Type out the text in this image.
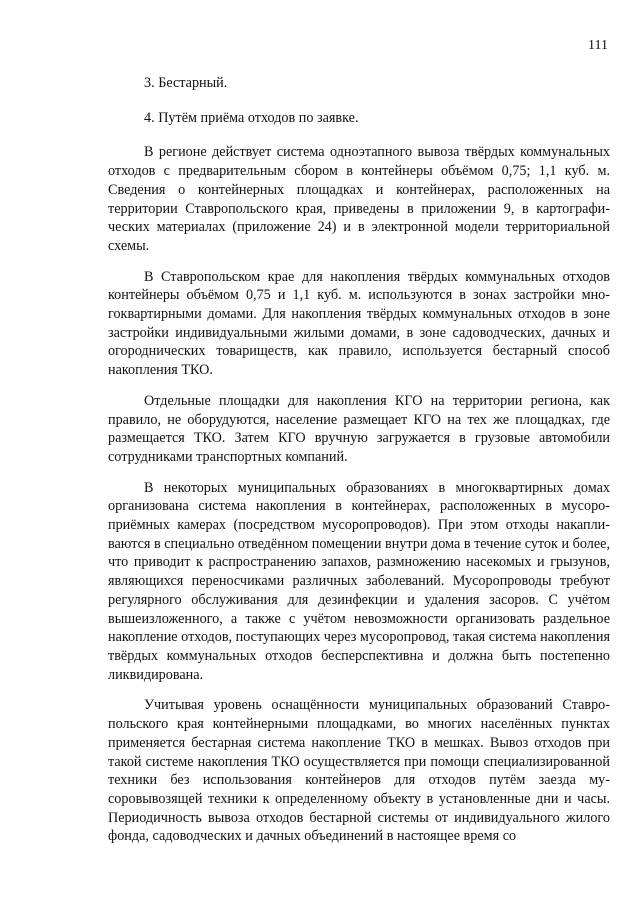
111

3. Бестарный.

4. Путём приёма отходов по заявке.

В регионе действует система одноэтапного вывоза твёрдых коммунальных отходов с предварительным сбором в контейнеры объёмом 0,75; 1,1 куб. м. Сведения о контейнерных площадках и контейнерах, расположенных на территории Ставропольского края, приведены в приложении 9, в картографических материалах (приложение 24) и в электронной модели территориальной схемы.

В Ставропольском крае для накопления твёрдых коммунальных отходов контейнеры объёмом 0,75 и 1,1 куб. м. используются в зонах застройки многоквартирными домами. Для накопления твёрдых коммунальных отходов в зоне застройки индивидуальными жилыми домами, в зоне садоводческих, дачных и огороднических товариществ, как правило, используется бестарный способ накопления ТКО.

Отдельные площадки для накопления КГО на территории региона, как правило, не оборудуются, население размещает КГО на тех же площадках, где размещается ТКО. Затем КГО вручную загружается в грузовые автомобили сотрудниками транспортных компаний.

В некоторых муниципальных образованиях в многоквартирных домах организована система накопления в контейнерах, расположенных в мусороприёмных камерах (посредством мусоропроводов). При этом отходы накапливаются в специально отведённом помещении внутри дома в течение суток и более, что приводит к распространению запахов, размножению насекомых и грызунов, являющихся переносчиками различных заболеваний. Мусоропроводы требуют регулярного обслуживания для дезинфекции и удаления засоров. С учётом вышеизложенного, а также с учётом невозможности организовать раздельное накопление отходов, поступающих через мусоропровод, такая система накопления твёрдых коммунальных отходов бесперспективна и должна быть постепенно ликвидирована.

Учитывая уровень оснащённости муниципальных образований Ставропольского края контейнерными площадками, во многих населённых пунктах применяется бестарная система накопление ТКО в мешках. Вывоз отходов при такой системе накопления ТКО осуществляется при помощи специализированной техники без использования контейнеров для отходов путём заезда мусоровывозящей техники к определенному объекту в установленные дни и часы. Периодичность вывоза отходов бестарной системы от индивидуального жилого фонда, садоводческих и дачных объединений в настоящее время со
